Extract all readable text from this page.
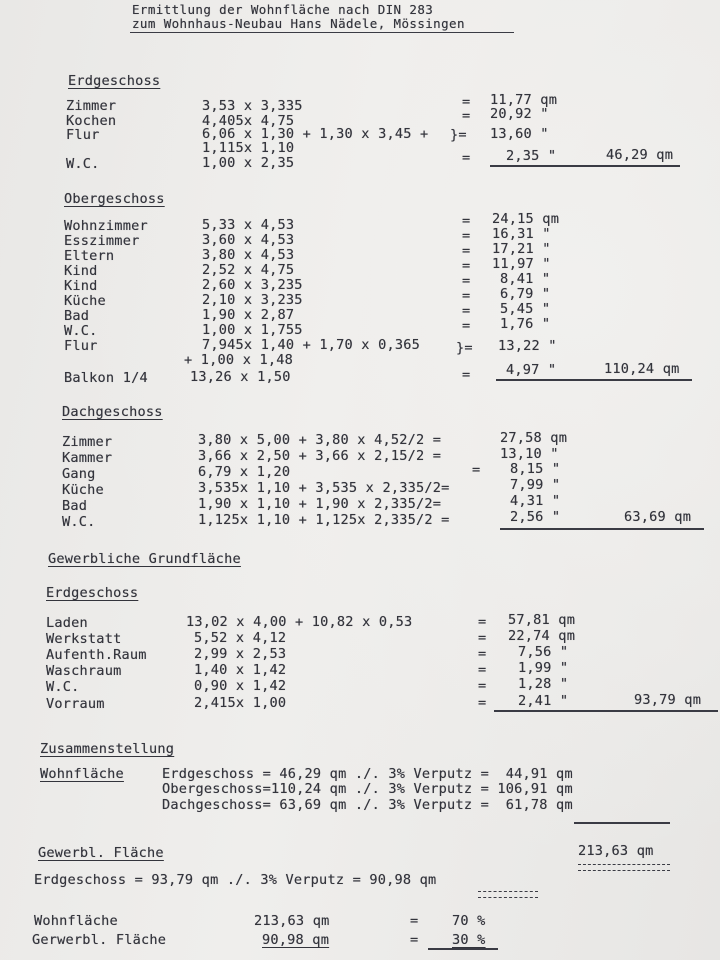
Ermittlung der Wohnfläche nach DIN 283
zum Wohnhaus-Neubau Hans Nädele, Mössingen
Erdgeschoss
Zimmer	3,53 x 3,335	= 11,77 qm
Kochen	4,405x 4,75	= 20,92 "
Flur	6,06 x 1,30 + 1,30 x 3,45 + }= 13,60 "
1,115x 1,10
W.C.	1,00 x 2,35	=	2,35 "	46,29 qm
Obergeschoss
Wohnzimmer	5,33 x 4,53	= 24,15 qm
Esszimmer	3,60 x 4,53	= 16,31 "
Eltern	3,80 x 4,53	= 17,21 "
Kind	2,52 x 4,75	= 11,97 "
Kind	2,60 x 3,235	= 8,41 "
Küche	2,10 x 3,235	= 6,79 "
Bad	1,90 x 2,87	= 5,45 "
W.C.	1,00 x 1,755	= 1,76 "
Flur	7,945x 1,40 + 1,70 x 0,365	}= 13,22 "
+ 1,00 x 1,48
Balkon 1/4	13,26 x 1,50	=	4,97 "	110,24 qm
Dachgeschoss
Zimmer	3,80 x 5,00 + 3,80 x 4,52/2 =	27,58 qm
Kammer	3,66 x 2,50 + 3,66 x 2,15/2 =	13,10 "
Gang	6,79 x 1,20	= 8,15 "
Küche	3,535x 1,10 + 3,535 x 2,335/2=	7,99 "
Bad	1,90 x 1,10 + 1,90 x 2,335/2=	4,31 "
W.C.	1,125x 1,10 + 1,125x 2,335/2 =	2,56 "	63,69 qm
Gewerbliche Grundfläche
Erdgeschoss
Laden	13,02 x 4,00 + 10,82 x 0,53	= 57,81 qm
Werkstatt	5,52 x 4,12	= 22,74 qm
Aufenth.Raum	2,99 x 2,53	= 7,56 "
Waschraum	1,40 x 1,42	= 1,99 "
W.C.	0,90 x 1,42	= 1,28 "
Vorraum	2,415x 1,00	= 2,41 "	93,79 qm
Zusammenstellung
Wohnfläche	Erdgeschoss = 46,29 qm ./. 3% Verputz =  44,91 qm
Obergeschoss=110,24 qm ./. 3% Verputz = 106,91 qm
Dachgeschoss= 63,69 qm ./. 3% Verputz =  61,78 qm
213,63 qm
Gewerbl. Fläche
Erdgeschoss = 93,79 qm ./. 3% Verputz = 90,98 qm
Wohnfläche	213,63 qm	= 70 %
Gerwerbl. Fläche	90,98 qm	= 30 %
